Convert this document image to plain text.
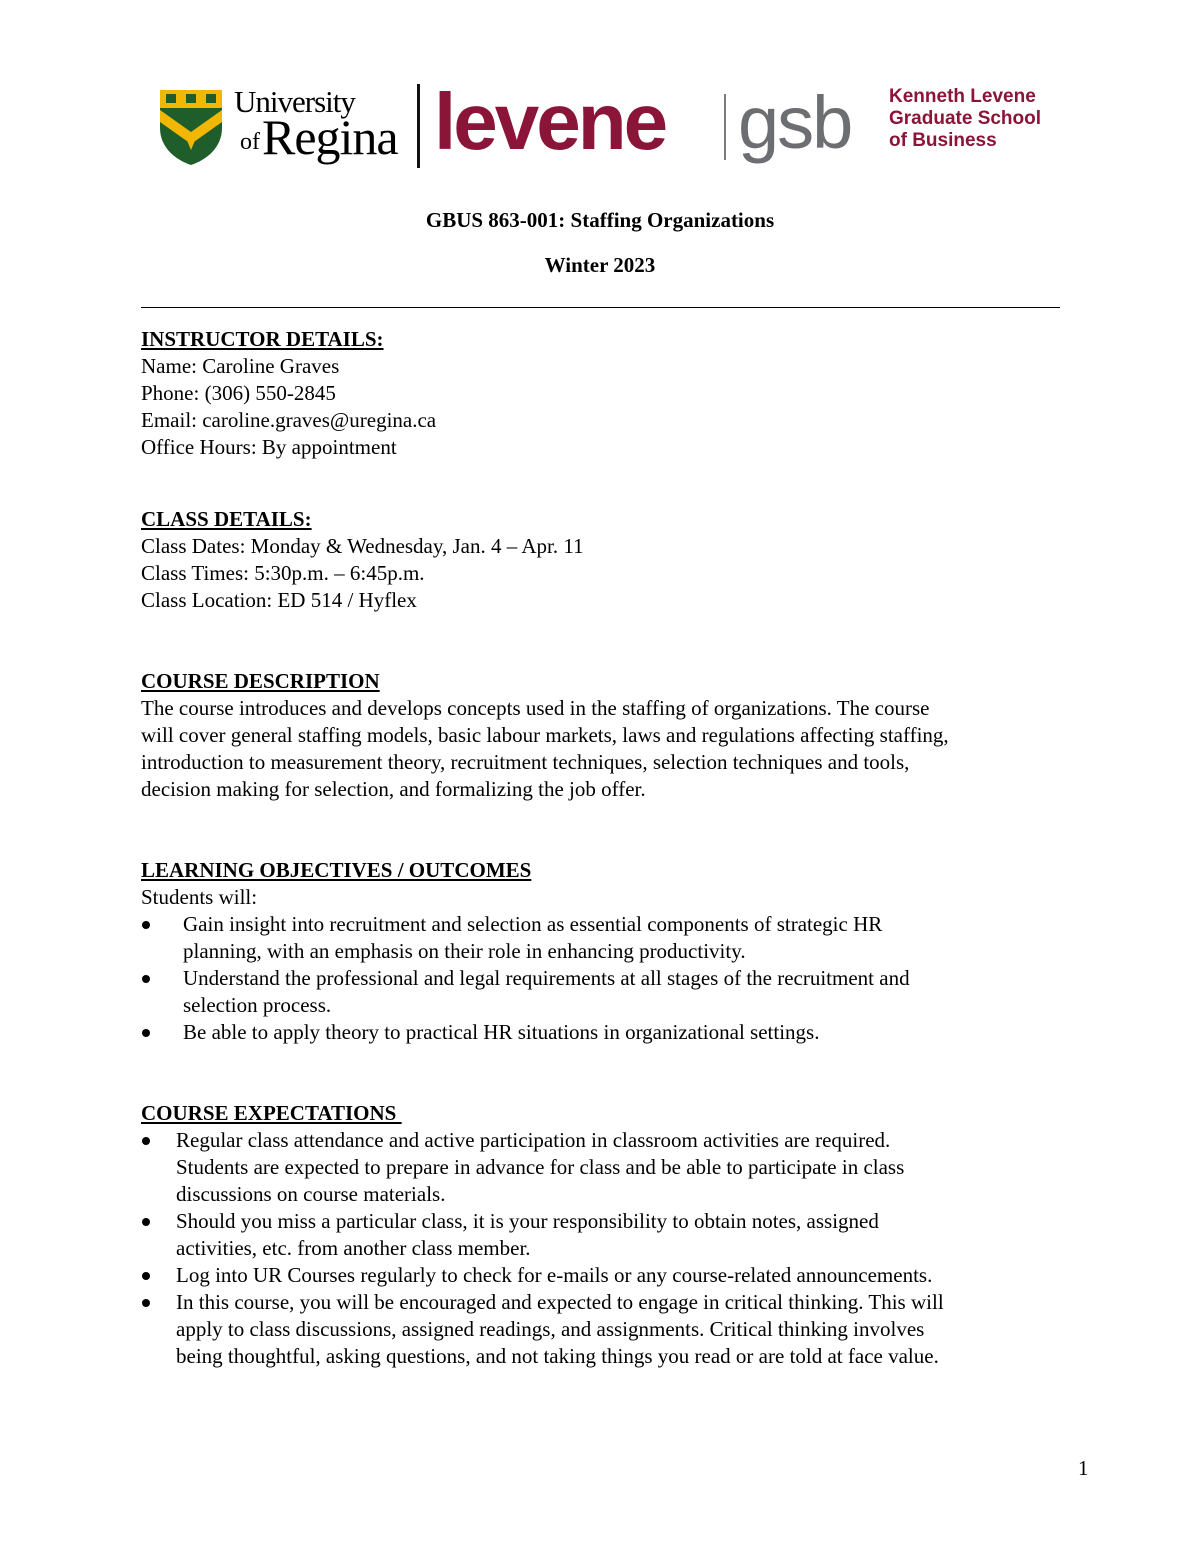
University
of Regina levene gsb Kenneth Levene
Graduate School
of Business
GBUS 863-001: Staffing Organizations
Winter 2023
INSTRUCTOR DETAILS:
Name: Caroline Graves
Phone: (306) 550-2845
Email: caroline.graves@uregina.ca
Office Hours: By appointment
CLASS DETAILS:
Class Dates: Monday & Wednesday, Jan. 4 – Apr. 11
Class Times: 5:30p.m. – 6:45p.m.
Class Location: ED 514 / Hyflex
COURSE DESCRIPTION
The course introduces and develops concepts used in the staffing of organizations. The course
will cover general staffing models, basic labour markets, laws and regulations affecting staffing,
introduction to measurement theory, recruitment techniques, selection techniques and tools,
decision making for selection, and formalizing the job offer.
LEARNING OBJECTIVES / OUTCOMES
Students will:
Gain insight into recruitment and selection as essential components of strategic HR
planning, with an emphasis on their role in enhancing productivity.
Understand the professional and legal requirements at all stages of the recruitment and
selection process.
Be able to apply theory to practical HR situations in organizational settings.
COURSE EXPECTATIONS
Regular class attendance and active participation in classroom activities are required.
Students are expected to prepare in advance for class and be able to participate in class
discussions on course materials.
Should you miss a particular class, it is your responsibility to obtain notes, assigned
activities, etc. from another class member.
Log into UR Courses regularly to check for e-mails or any course-related announcements.
In this course, you will be encouraged and expected to engage in critical thinking. This will
apply to class discussions, assigned readings, and assignments. Critical thinking involves
being thoughtful, asking questions, and not taking things you read or are told at face value.
1
